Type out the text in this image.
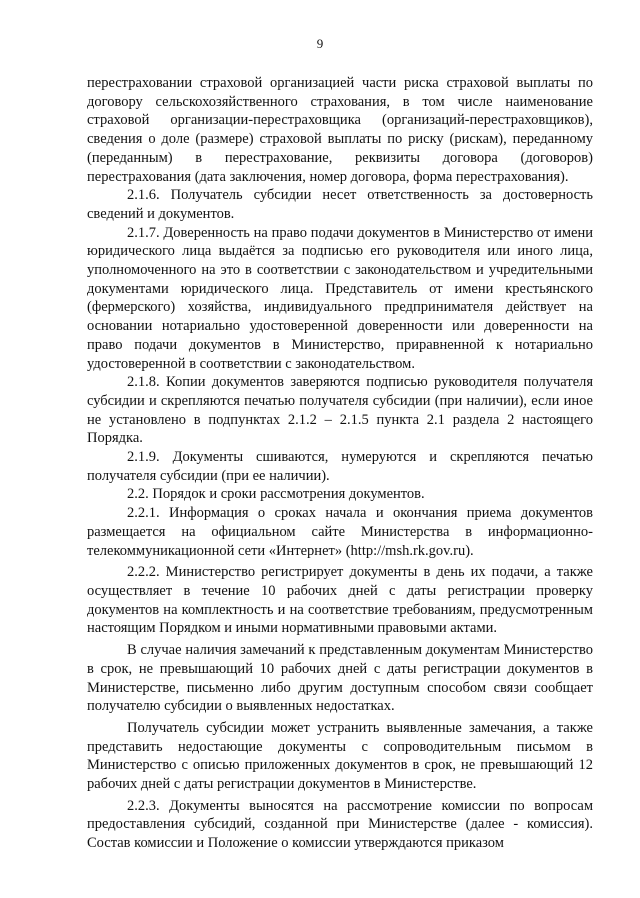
9

перестраховании страховой организацией части риска страховой выплаты по договору сельскохозяйственного страхования, в том числе наименование страховой организации-перестраховщика (организаций-перестраховщиков), сведения о доле (размере) страховой выплаты по риску (рискам), переданному (переданным) в перестрахование, реквизиты договора (договоров) перестрахования (дата заключения, номер договора, форма перестрахования).

2.1.6. Получатель субсидии несет ответственность за достоверность сведений и документов.

2.1.7. Доверенность на право подачи документов в Министерство от имени юридического лица выдаётся за подписью его руководителя или иного лица, уполномоченного на это в соответствии с законодательством и учредительными документами юридического лица. Представитель от имени крестьянского (фермерского) хозяйства, индивидуального предпринимателя действует на основании нотариально удостоверенной доверенности или доверенности на право подачи документов в Министерство, приравненной к нотариально удостоверенной в соответствии с законодательством.

2.1.8. Копии документов заверяются подписью руководителя получателя субсидии и скрепляются печатью получателя субсидии (при наличии), если иное не установлено в подпунктах 2.1.2 – 2.1.5 пункта 2.1 раздела 2 настоящего Порядка.

2.1.9. Документы сшиваются, нумеруются и скрепляются печатью получателя субсидии (при ее наличии).

2.2. Порядок и сроки рассмотрения документов.

2.2.1. Информация о сроках начала и окончания приема документов размещается на официальном сайте Министерства в информационно-телекоммуникационной сети «Интернет» (http://msh.rk.gov.ru).

2.2.2. Министерство регистрирует документы в день их подачи, а также осуществляет в течение 10 рабочих дней с даты регистрации проверку документов на комплектность и на соответствие требованиям, предусмотренным настоящим Порядком и иными нормативными правовыми актами.

В случае наличия замечаний к представленным документам Министерство в срок, не превышающий 10 рабочих дней с даты регистрации документов в Министерстве, письменно либо другим доступным способом связи сообщает получателю субсидии о выявленных недостатках.

Получатель субсидии может устранить выявленные замечания, а также представить недостающие документы с сопроводительным письмом в Министерство с описью приложенных документов в срок, не превышающий 12 рабочих дней с даты регистрации документов в Министерстве.

2.2.3. Документы выносятся на рассмотрение комиссии по вопросам предоставления субсидий, созданной при Министерстве (далее - комиссия). Состав комиссии и Положение о комиссии утверждаются приказом
